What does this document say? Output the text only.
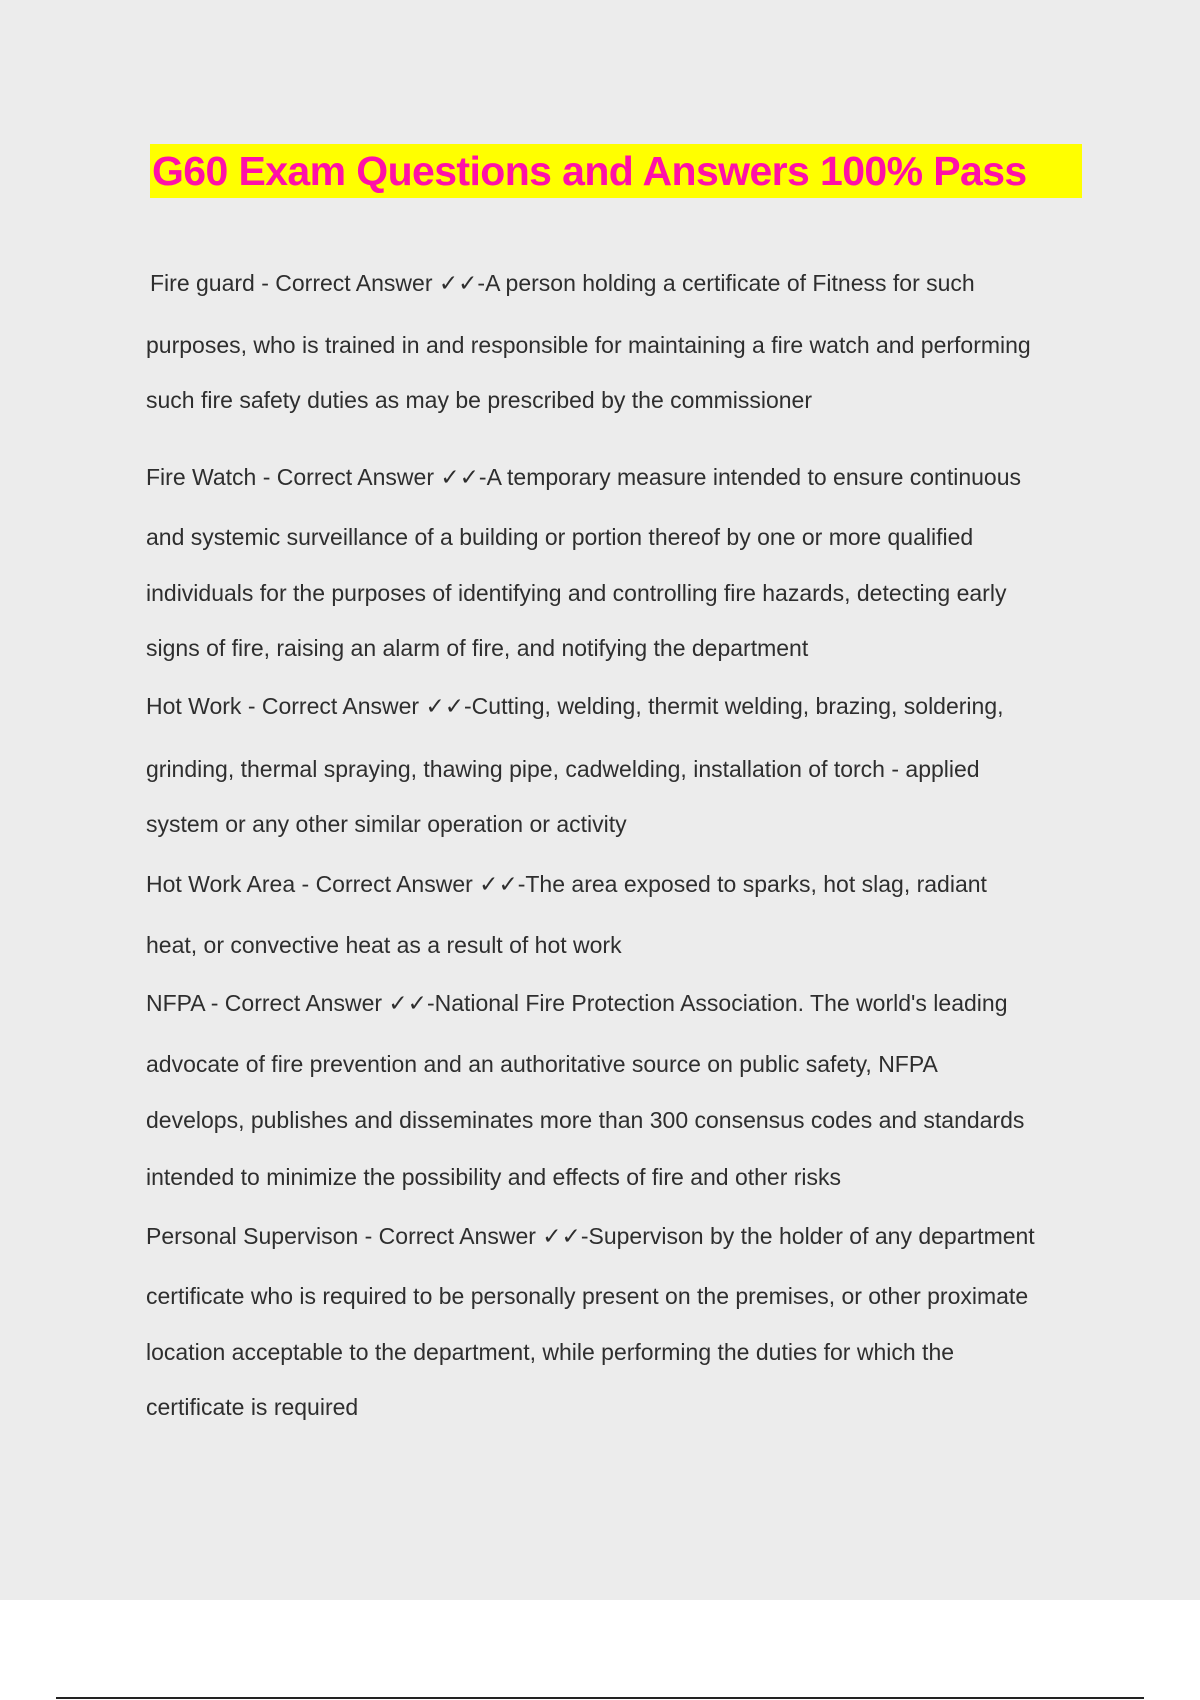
G60 Exam Questions and Answers 100% Pass

Fire guard - Correct Answer ✓✓-A person holding a certificate of Fitness for such

purposes, who is trained in and responsible for maintaining a fire watch and performing

such fire safety duties as may be prescribed by the commissioner

Fire Watch - Correct Answer ✓✓-A temporary measure intended to ensure continuous

and systemic surveillance of a building or portion thereof by one or more qualified

individuals for the purposes of identifying and controlling fire hazards, detecting early

signs of fire, raising an alarm of fire, and notifying the department

Hot Work - Correct Answer ✓✓-Cutting, welding, thermit welding, brazing, soldering,

grinding, thermal spraying, thawing pipe, cadwelding, installation of torch - applied

system or any other similar operation or activity

Hot Work Area - Correct Answer ✓✓-The area exposed to sparks, hot slag, radiant

heat, or convective heat as a result of hot work

NFPA - Correct Answer ✓✓-National Fire Protection Association. The world's leading

advocate of fire prevention and an authoritative source on public safety, NFPA

develops, publishes and disseminates more than 300 consensus codes and standards

intended to minimize the possibility and effects of fire and other risks

Personal Supervison - Correct Answer ✓✓-Supervison by the holder of any department

certificate who is required to be personally present on the premises, or other proximate

location acceptable to the department, while performing the duties for which the

certificate is required
